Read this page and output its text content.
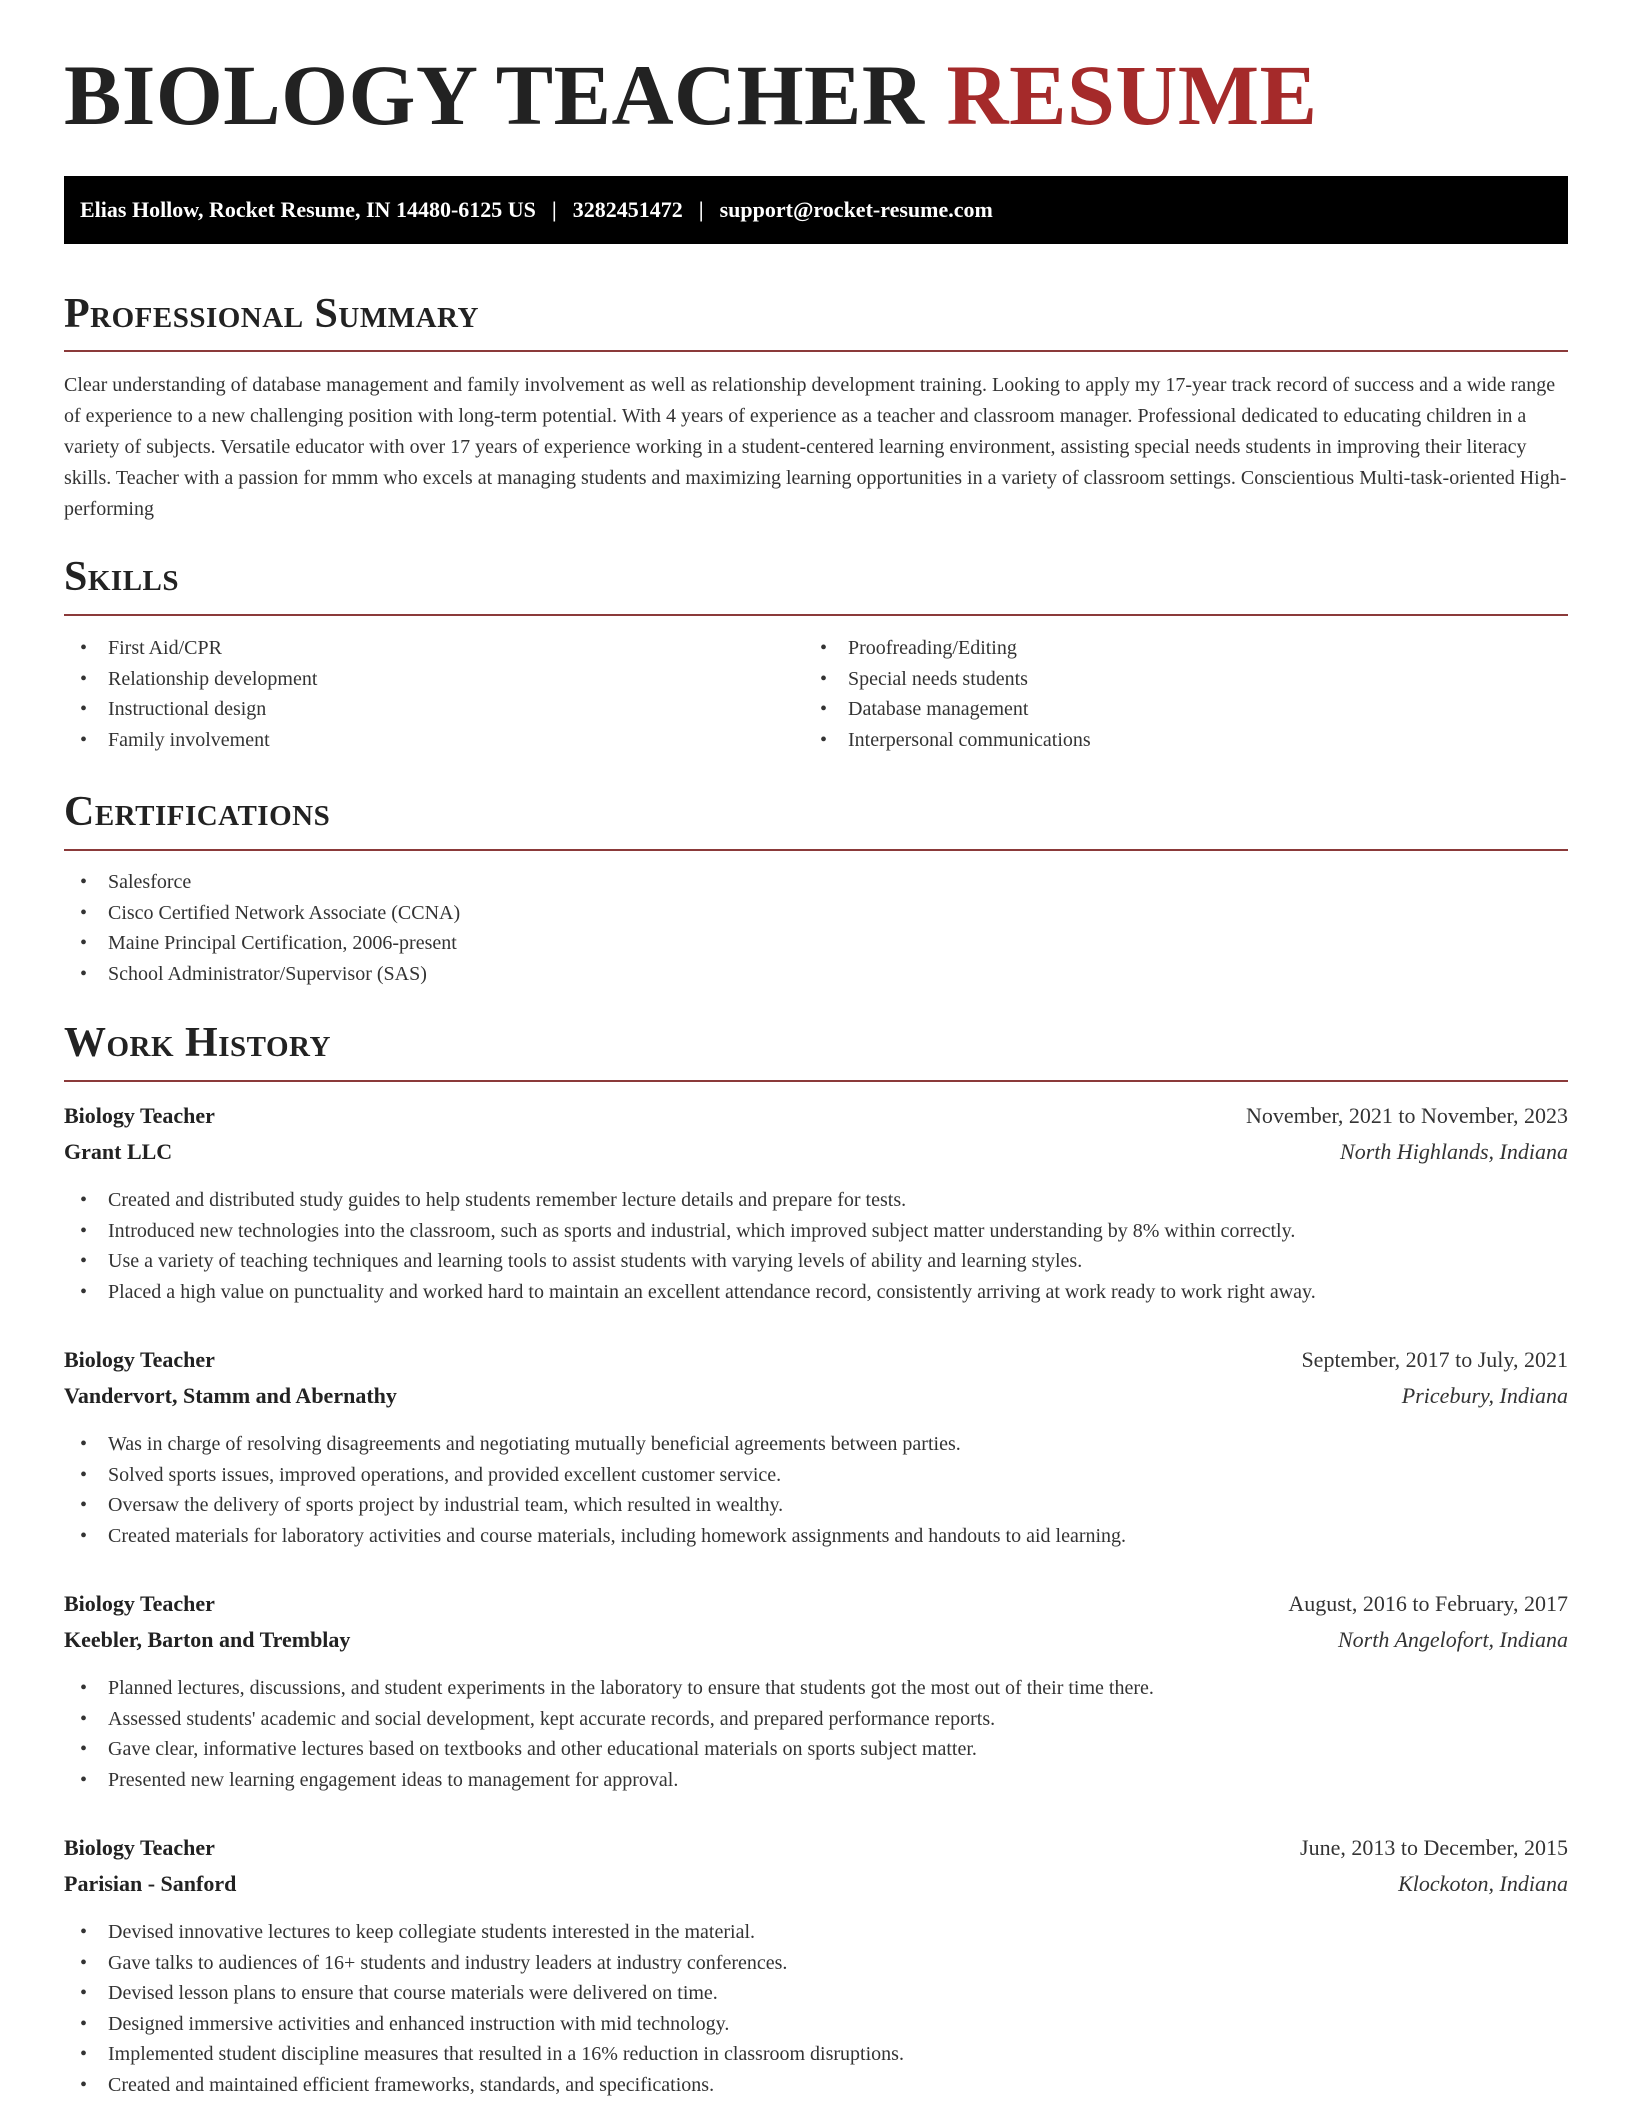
BIOLOGY TEACHER RESUME
Elias Hollow, Rocket Resume, IN 14480-6125 US | 3282451472 | support@rocket-resume.com
Professional Summary

Clear understanding of database management and family involvement as well as relationship development training. Looking to apply my 17-year track record of success and a wide range of experience to a new challenging position with long-term potential. With 4 years of experience as a teacher and classroom manager. Professional dedicated to educating children in a variety of subjects. Versatile educator with over 17 years of experience working in a student-centered learning environment, assisting special needs students in improving their literacy skills. Teacher with a passion for mmm who excels at managing students and maximizing learning opportunities in a variety of classroom settings. Conscientious Multi-task-oriented High-performing

Skills
• First Aid/CPR
• Relationship development
• Instructional design
• Family involvement
• Proofreading/Editing
• Special needs students
• Database management
• Interpersonal communications
Certifications
• Salesforce
• Cisco Certified Network Associate (CCNA)
• Maine Principal Certification, 2006-present
• School Administrator/Supervisor (SAS)
Work History
Biology Teacher	November, 2021 to November, 2023
Grant LLC	North Highlands, Indiana
• Created and distributed study guides to help students remember lecture details and prepare for tests.
• Introduced new technologies into the classroom, such as sports and industrial, which improved subject matter understanding by 8% within correctly.
• Use a variety of teaching techniques and learning tools to assist students with varying levels of ability and learning styles.
• Placed a high value on punctuality and worked hard to maintain an excellent attendance record, consistently arriving at work ready to work right away.
Biology Teacher	September, 2017 to July, 2021
Vandervort, Stamm and Abernathy	Pricebury, Indiana
• Was in charge of resolving disagreements and negotiating mutually beneficial agreements between parties.
• Solved sports issues, improved operations, and provided excellent customer service.
• Oversaw the delivery of sports project by industrial team, which resulted in wealthy.
• Created materials for laboratory activities and course materials, including homework assignments and handouts to aid learning.
Biology Teacher	August, 2016 to February, 2017
Keebler, Barton and Tremblay	North Angelofort, Indiana
• Planned lectures, discussions, and student experiments in the laboratory to ensure that students got the most out of their time there.
• Assessed students' academic and social development, kept accurate records, and prepared performance reports.
• Gave clear, informative lectures based on textbooks and other educational materials on sports subject matter.
• Presented new learning engagement ideas to management for approval.
Biology Teacher	June, 2013 to December, 2015
Parisian - Sanford	Klockoton, Indiana
• Devised innovative lectures to keep collegiate students interested in the material.
• Gave talks to audiences of 16+ students and industry leaders at industry conferences.
• Devised lesson plans to ensure that course materials were delivered on time.
• Designed immersive activities and enhanced instruction with mid technology.
• Implemented student discipline measures that resulted in a 16% reduction in classroom disruptions.
• Created and maintained efficient frameworks, standards, and specifications.
